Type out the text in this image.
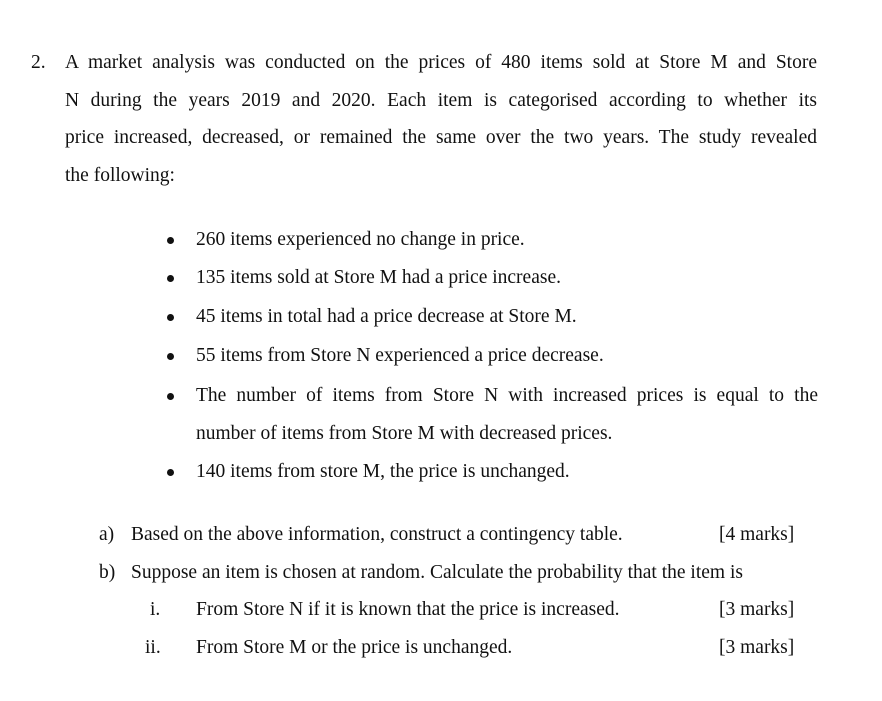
2. A market analysis was conducted on the prices of 480 items sold at Store M and Store
N during the years 2019 and 2020. Each item is categorised according to whether its
price increased, decreased, or remained the same over the two years. The study revealed
the following:
260 items experienced no change in price.
135 items sold at Store M had a price increase.
45 items in total had a price decrease at Store M.
55 items from Store N experienced a price decrease.
The number of items from Store N with increased prices is equal to the
number of items from Store M with decreased prices.
140 items from store M, the price is unchanged.
a) Based on the above information, construct a contingency table.	[4 marks]
b) Suppose an item is chosen at random. Calculate the probability that the item is
i. From Store N if it is known that the price is increased.	[3 marks]
ii. From Store M or the price is unchanged.	[3 marks]
